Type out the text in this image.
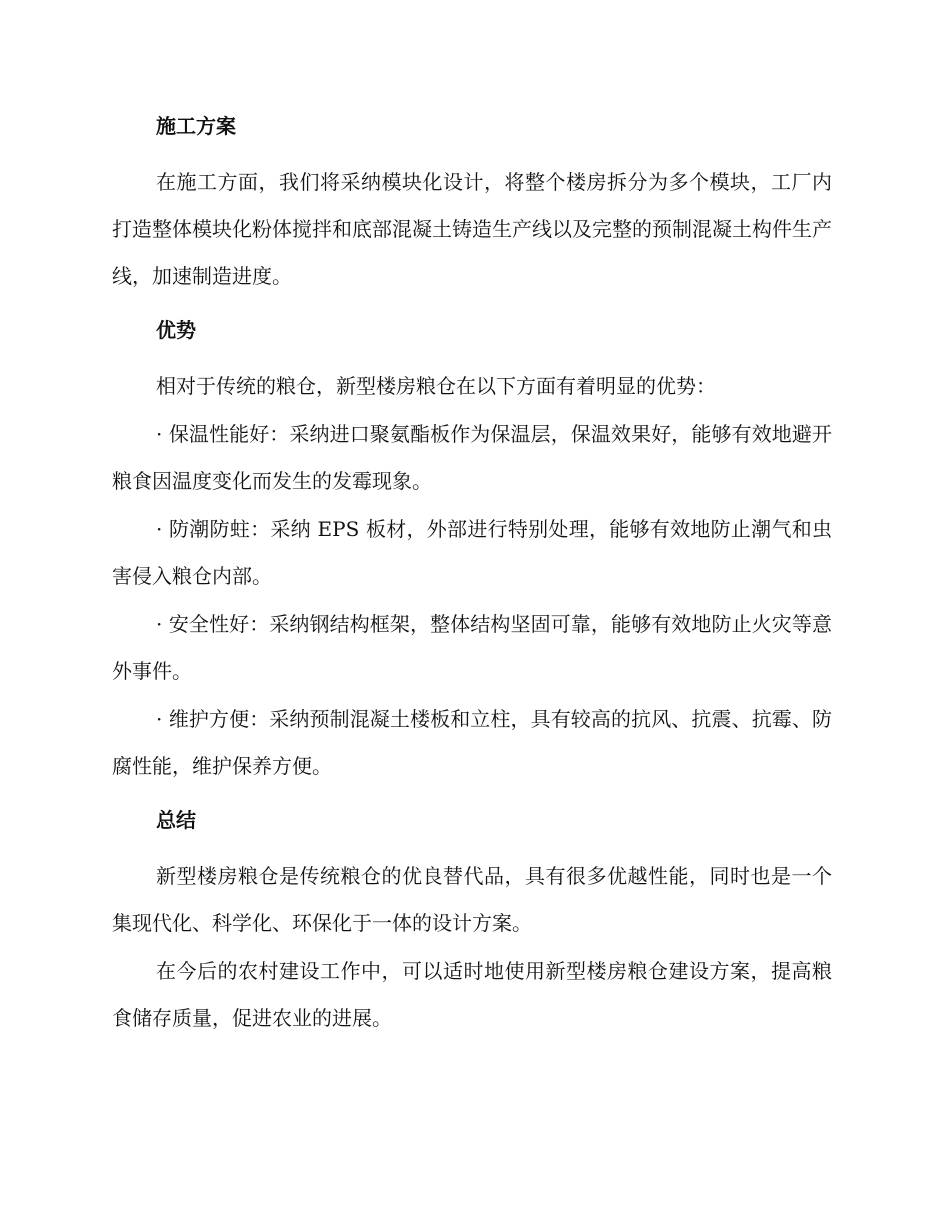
施工方案

在施工方面，我们将采纳模块化设计，将整个楼房拆分为多个模块，工厂内打造整体模块化粉体搅拌和底部混凝土铸造生产线以及完整的预制混凝土构件生产线，加速制造进度。

优势

相对于传统的粮仓，新型楼房粮仓在以下方面有着明显的优势：

· 保温性能好：采纳进口聚氨酯板作为保温层，保温效果好，能够有效地避开粮食因温度变化而发生的发霉现象。

· 防潮防蛀：采纳 EPS 板材，外部进行特别处理，能够有效地防止潮气和虫害侵入粮仓内部。

· 安全性好：采纳钢结构框架，整体结构坚固可靠，能够有效地防止火灾等意外事件。

· 维护方便：采纳预制混凝土楼板和立柱，具有较高的抗风、抗震、抗霉、防腐性能，维护保养方便。

总结

新型楼房粮仓是传统粮仓的优良替代品，具有很多优越性能，同时也是一个集现代化、科学化、环保化于一体的设计方案。

在今后的农村建设工作中，可以适时地使用新型楼房粮仓建设方案，提高粮食储存质量，促进农业的进展。
